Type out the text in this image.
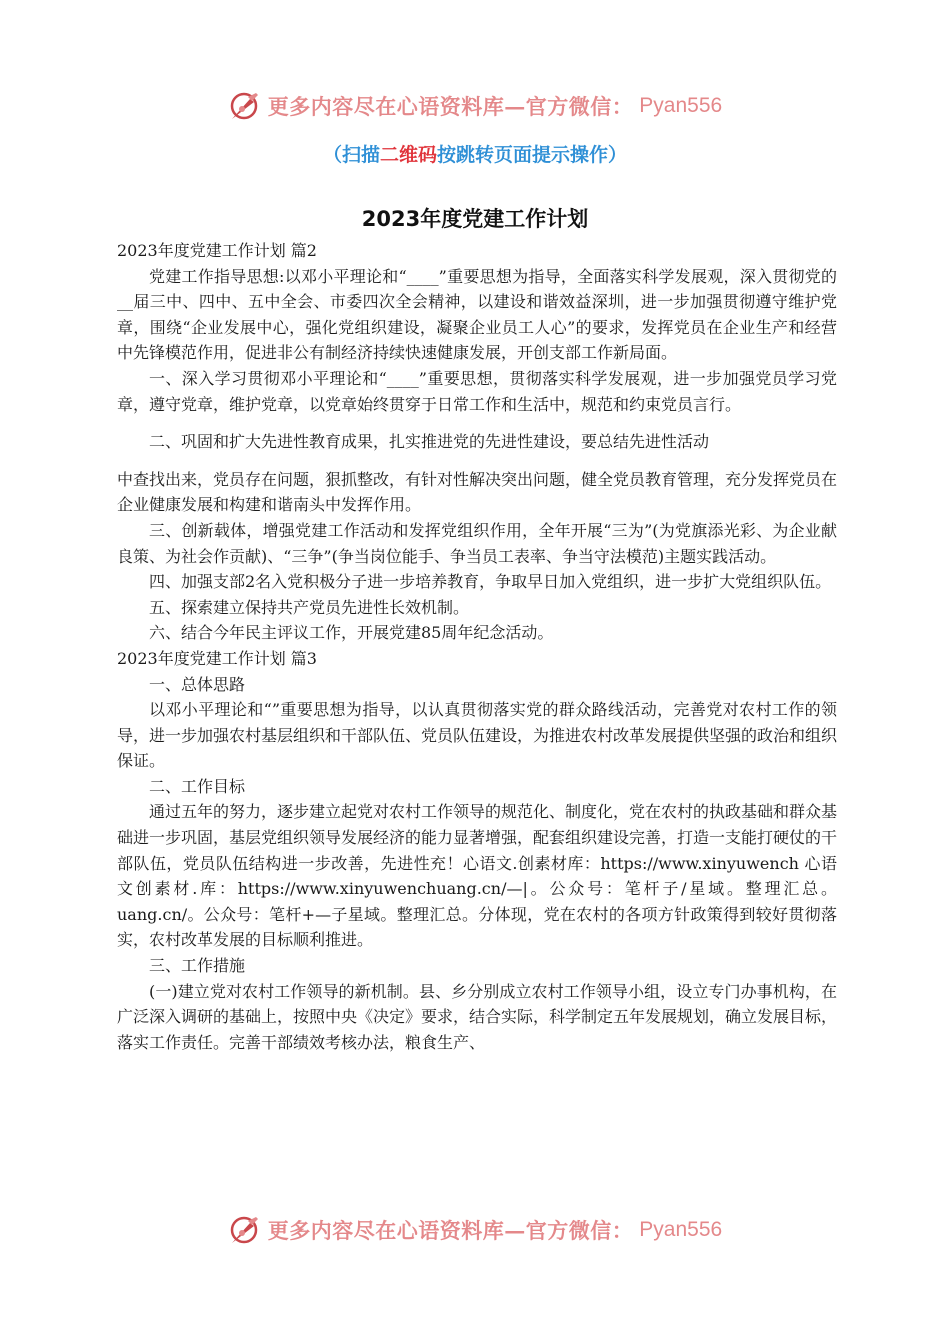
更多内容尽在心语资料库—官方微信： Pyan556
（扫描二维码按跳转页面提示操作）
2023年度党建工作计划

2023年度党建工作计划 篇2

党建工作指导思想:以邓小平理论和“____”重要思想为指导，全面落实科学发展观，深入贯彻党的__届三中、四中、五中全会、市委四次全会精神，以建设和谐效益深圳，进一步加强贯彻遵守维护党章，围绕“企业发展中心，强化党组织建设，凝聚企业员工人心”的要求，发挥党员在企业生产和经营中先锋模范作用，促进非公有制经济持续快速健康发展，开创支部工作新局面。

一、深入学习贯彻邓小平理论和“____”重要思想，贯彻落实科学发展观，进一步加强党员学习党章，遵守党章，维护党章，以党章始终贯穿于日常工作和生活中，规范和约束党员言行。

二、巩固和扩大先进性教育成果，扎实推进党的先进性建设，要总结先进性活动

中查找出来，党员存在问题，狠抓整改，有针对性解决突出问题，健全党员教育管理，充分发挥党员在企业健康发展和构建和谐南头中发挥作用。

三、创新载体，增强党建工作活动和发挥党组织作用，全年开展“三为”(为党旗添光彩、为企业献良策、为社会作贡献)、“三争”(争当岗位能手、争当员工表率、争当守法模范)主题实践活动。

四、加强支部2名入党积极分子进一步培养教育，争取早日加入党组织，进一步扩大党组织队伍。

五、探索建立保持共产党员先进性长效机制。

六、结合今年民主评议工作，开展党建85周年纪念活动。

2023年度党建工作计划 篇3

一、总体思路

以邓小平理论和“”重要思想为指导，以认真贯彻落实党的群众路线活动，完善党对农村工作的领导，进一步加强农村基层组织和干部队伍、党员队伍建设，为推进农村改革发展提供坚强的政治和组织保证。

二、工作目标

通过五年的努力，逐步建立起党对农村工作领导的规范化、制度化，党在农村的执政基础和群众基础进一步巩固，基层党组织领导发展经济的能力显著增强，配套组织建设完善，打造一支能打硬仗的干部队伍，党员队伍结构进一步改善，先进性充！心语文.创素材库：https://www.xinyuwench 心语文创素材.库：https://www.xinyuwenchuang.cn/—|。公众号：笔杆子/星域。整理汇总。uang.cn/。公众号：笔杆+—子星域。整理汇总。分体现，党在农村的各项方针政策得到较好贯彻落实，农村改革发展的目标顺利推进。

三、工作措施

(一)建立党对农村工作领导的新机制。县、乡分别成立农村工作领导小组，设立专门办事机构，在广泛深入调研的基础上，按照中央《决定》要求，结合实际，科学制定五年发展规划，确立发展目标，落实工作责任。完善干部绩效考核办法，粮食生产、

更多内容尽在心语资料库—官方微信： Pyan556
